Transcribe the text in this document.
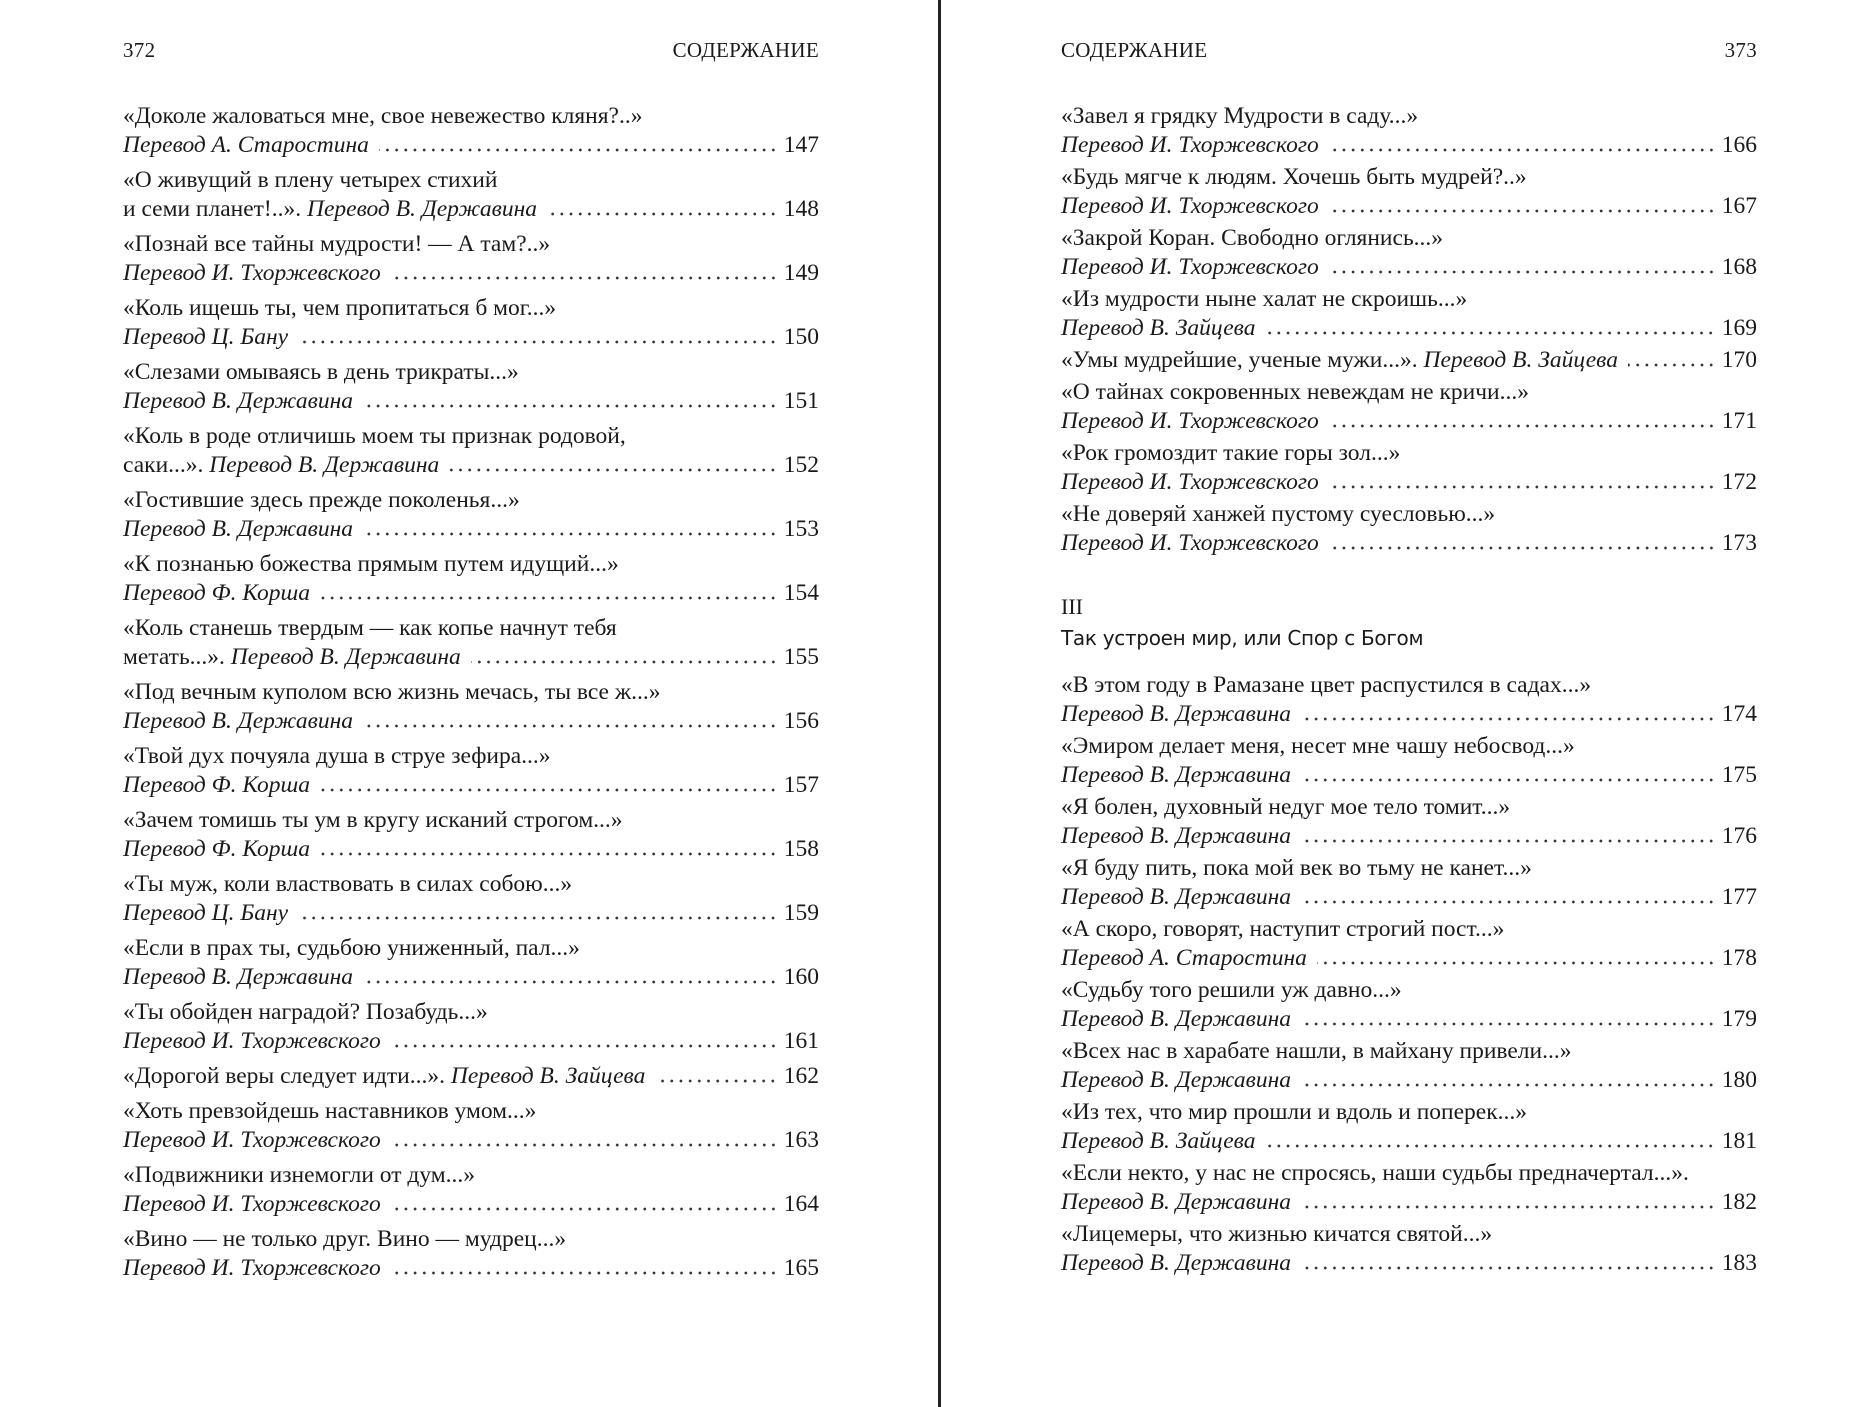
372	СОДЕРЖАНИЕ
«Доколе жаловаться мне, свое невежество кляня?..»
Перевод А. Старостина	147
«О живущий в плену четырех стихий
и семи планет!..». Перевод В. Державина	148
«Познай все тайны мудрости! — А там?..»
Перевод И. Тхоржевского	149
«Коль ищешь ты, чем пропитаться б мог...»
Перевод Ц. Бану	150
«Слезами омываясь в день трикраты...»
Перевод В. Державина	151
«Коль в роде отличишь моем ты признак родовой,
саки...». Перевод В. Державина	152
«Гостившие здесь прежде поколенья...»
Перевод В. Державина	153
«К познанью божества прямым путем идущий...»
Перевод Ф. Корша	154
«Коль станешь твердым — как копье начнут тебя
метать...». Перевод В. Державина	155
«Под вечным куполом всю жизнь мечась, ты все ж...»
Перевод В. Державина	156
«Твой дух почуяла душа в струе зефира...»
Перевод Ф. Корша	157
«Зачем томишь ты ум в кругу исканий строгом...»
Перевод Ф. Корша	158
«Ты муж, коли властвовать в силах собою...»
Перевод Ц. Бану	159
«Если в прах ты, судьбою униженный, пал...»
Перевод В. Державина	160
«Ты обойден наградой? Позабудь...»
Перевод И. Тхоржевского	161
«Дорогой веры следует идти...». Перевод В. Зайцева	162
«Хоть превзойдешь наставников умом...»
Перевод И. Тхоржевского	163
«Подвижники изнемогли от дум...»
Перевод И. Тхоржевского	164
«Вино — не только друг. Вино — мудрец...»
Перевод И. Тхоржевского	165
СОДЕРЖАНИЕ	373
«Завел я грядку Мудрости в саду...»
Перевод И. Тхоржевского	166
«Будь мягче к людям. Хочешь быть мудрей?..»
Перевод И. Тхоржевского	167
«Закрой Коран. Свободно оглянись...»
Перевод И. Тхоржевского	168
«Из мудрости ныне халат не скроишь...»
Перевод В. Зайцева	169
«Умы мудрейшие, ученые мужи...». Перевод В. Зайцева	170
«О тайнах сокровенных невеждам не кричи...»
Перевод И. Тхоржевского	171
«Рок громоздит такие горы зол...»
Перевод И. Тхоржевского	172
«Не доверяй ханжей пустому суесловью...»
Перевод И. Тхоржевского	173
III
Так устроен мир, или Спор с Богом
«В этом году в Рамазане цвет распустился в садах...»
Перевод В. Державина	174
«Эмиром делает меня, несет мне чашу небосвод...»
Перевод В. Державина	175
«Я болен, духовный недуг мое тело томит...»
Перевод В. Державина	176
«Я буду пить, пока мой век во тьму не канет...»
Перевод В. Державина	177
«А скоро, говорят, наступит строгий пост...»
Перевод А. Старостина	178
«Судьбу того решили уж давно...»
Перевод В. Державина	179
«Всех нас в харабате нашли, в майхану привели...»
Перевод В. Державина	180
«Из тех, что мир прошли и вдоль и поперек...»
Перевод В. Зайцева	181
«Если некто, у нас не спросясь, наши судьбы предначертал...».
Перевод В. Державина	182
«Лицемеры, что жизнью кичатся святой...»
Перевод В. Державина	183
